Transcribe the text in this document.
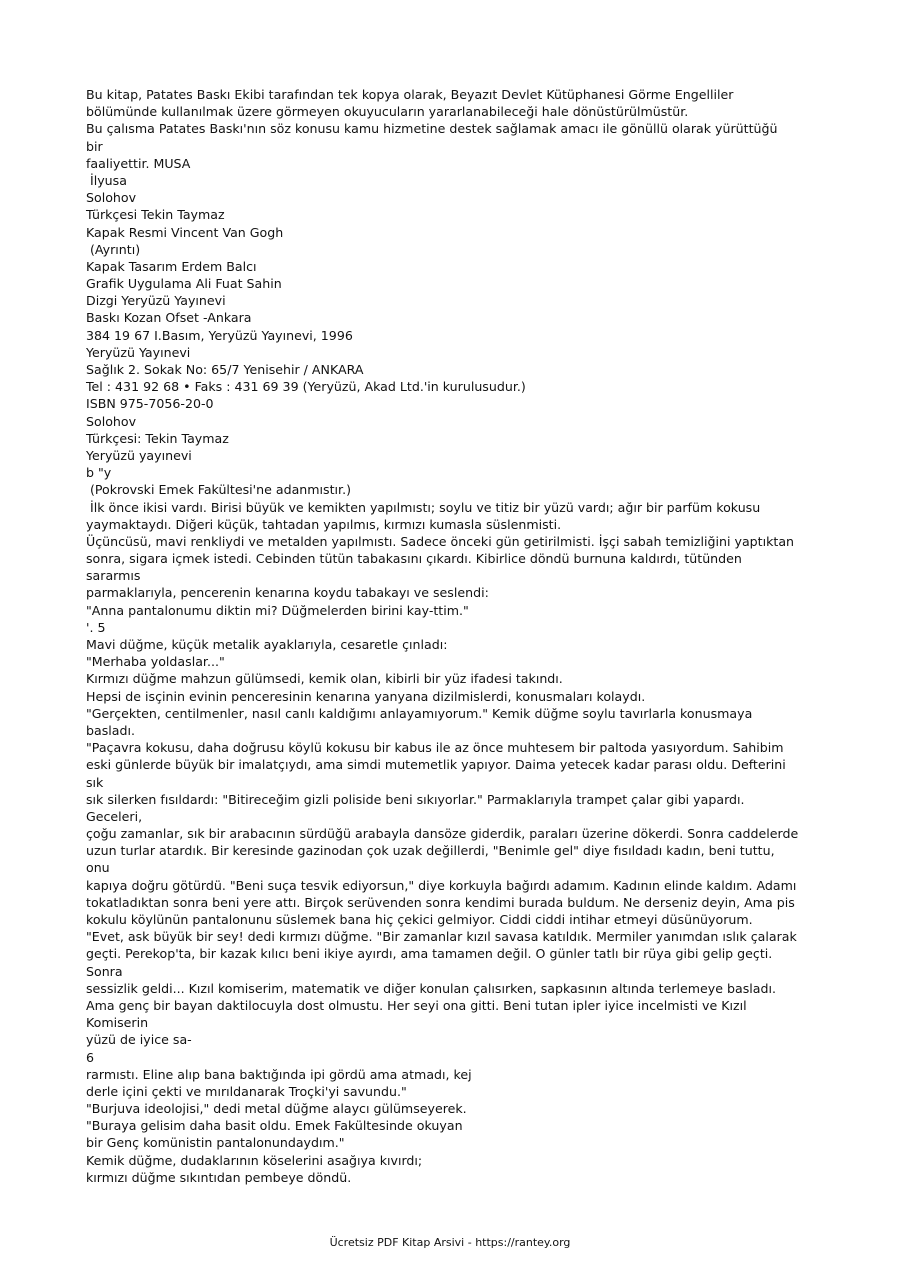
Bu kitap, Patates Baskı Ekibi tarafından tek kopya olarak, Beyazıt Devlet Kütüphanesi Görme Engelliler
bölümünde kullanılmak üzere görmeyen okuyucuların yararlanabileceği hale dönüstürülmüstür.
Bu çalısma Patates Baskı'nın söz konusu kamu hizmetine destek sağlamak amacı ile gönüllü olarak yürüttüğü
bir
faaliyettir. MUSA
İlyusa
Solohov
Türkçesi Tekin Taymaz
Kapak Resmi Vincent Van Gogh
(Ayrıntı)
Kapak Tasarım Erdem Balcı
Grafik Uygulama Ali Fuat Sahin
Dizgi Yeryüzü Yayınevi
Baskı Kozan Ofset -Ankara
384 19 67 I.Basım, Yeryüzü Yayınevi, 1996
Yeryüzü Yayınevi
Sağlık 2. Sokak No: 65/7 Yenisehir / ANKARA
Tel : 431 92 68 • Faks : 431 69 39 (Yeryüzü, Akad Ltd.'in kurulusudur.)
ISBN 975-7056-20-0
Solohov
Türkçesi: Tekin Taymaz
Yeryüzü yayınevi
b "y
(Pokrovski Emek Fakültesi'ne adanmıstır.)
İlk önce ikisi vardı. Birisi büyük ve kemikten yapılmıstı; soylu ve titiz bir yüzü vardı; ağır bir parfüm kokusu
yaymaktaydı. Diğeri küçük, tahtadan yapılmıs, kırmızı kumasla süslenmisti.
Üçüncüsü, mavi renkliydi ve metalden yapılmıstı. Sadece önceki gün getirilmisti. İşçi sabah temizliğini yaptıktan
sonra, sigara içmek istedi. Cebinden tütün tabakasını çıkardı. Kibirlice döndü burnuna kaldırdı, tütünden
sararmıs
parmaklarıyla, pencerenin kenarına koydu tabakayı ve seslendi:
"Anna pantalonumu diktin mi? Düğmelerden birini kay-ttim."
'. 5
Mavi düğme, küçük metalik ayaklarıyla, cesaretle çınladı:
"Merhaba yoldaslar..."
Kırmızı düğme mahzun gülümsedi, kemik olan, kibirli bir yüz ifadesi takındı.
Hepsi de isçinin evinin penceresinin kenarına yanyana dizilmislerdi, konusmaları kolaydı.
"Gerçekten, centilmenler, nasıl canlı kaldığımı anlayamıyorum." Kemik düğme soylu tavırlarla konusmaya
basladı.
"Paçavra kokusu, daha doğrusu köylü kokusu bir kabus ile az önce muhtesem bir paltoda yasıyordum. Sahibim
eski günlerde büyük bir imalatçıydı, ama simdi mutemetlik yapıyor. Daima yetecek kadar parası oldu. Defterini
sık
sık silerken fısıldardı: "Bitireceğim gizli poliside beni sıkıyorlar." Parmaklarıyla trampet çalar gibi yapardı.
Geceleri,
çoğu zamanlar, sık bir arabacının sürdüğü arabayla dansöze giderdik, paraları üzerine dökerdi. Sonra caddelerde
uzun turlar atardık. Bir keresinde gazinodan çok uzak değillerdi, "Benimle gel" diye fısıldadı kadın, beni tuttu,
onu
kapıya doğru götürdü. "Beni suça tesvik ediyorsun," diye korkuyla bağırdı adamım. Kadının elinde kaldım. Adamı
tokatladıktan sonra beni yere attı. Birçok serüvenden sonra kendimi burada buldum. Ne derseniz deyin, Ama pis
kokulu köylünün pantalonunu süslemek bana hiç çekici gelmiyor. Ciddi ciddi intihar etmeyi düsünüyorum.
"Evet, ask büyük bir sey! dedi kırmızı düğme. "Bir zamanlar kızıl savasa katıldık. Mermiler yanımdan ıslık çalarak
geçti. Perekop'ta, bir kazak kılıcı beni ikiye ayırdı, ama tamamen değil. O günler tatlı bir rüya gibi gelip geçti.
Sonra
sessizlik geldi... Kızıl komiserim, matematik ve diğer konulan çalısırken, sapkasının altında terlemeye basladı.
Ama genç bir bayan daktilocuyla dost olmustu. Her seyi ona gitti. Beni tutan ipler iyice incelmisti ve Kızıl
Komiserin
yüzü de iyice sa-
6
rarmıstı. Eline alıp bana baktığında ipi gördü ama atmadı, kej
derle içini çekti ve mırıldanarak Troçki'yi savundu."
"Burjuva ideolojisi," dedi metal düğme alaycı gülümseyerek.
"Buraya gelisim daha basit oldu. Emek Fakültesinde okuyan
bir Genç komünistin pantalonundaydım."
Kemik düğme, dudaklarının köselerini asağıya kıvırdı;
kırmızı düğme sıkıntıdan pembeye döndü.
Ücretsiz PDF Kitap Arsivi - https://rantey.org
